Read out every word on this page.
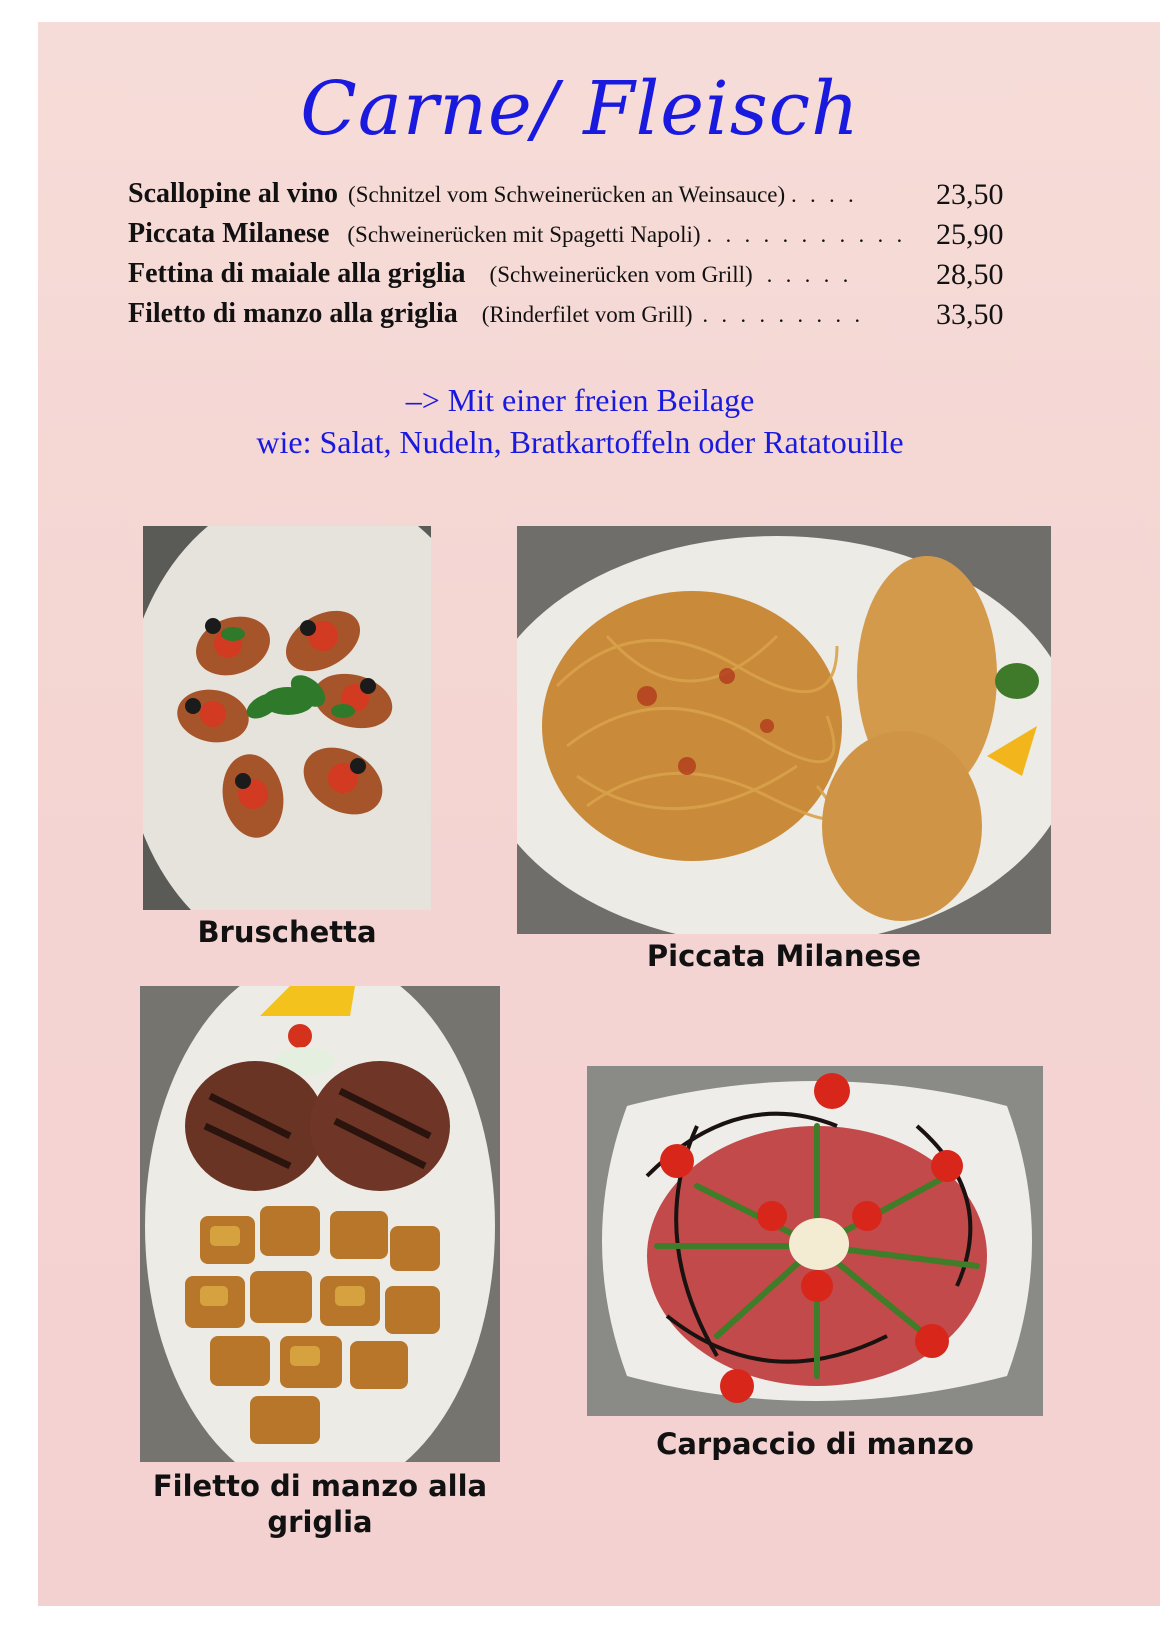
Carne/ Fleisch
Scallopine al vino (Schnitzel vom Schweinerücken an Weinsauce) . . . .	23,50
Piccata Milanese (Schweinerücken mit Spagetti Napoli) . . . . . . . . . . . 25,90
Fettina di maiale alla griglia (Schweinerücken vom Grill) . . . . .	28,50
Filetto di manzo alla griglia (Rinderfilet vom Grill) . . . . . . . . . 33,50
–> Mit einer freien Beilage
wie: Salat, Nudeln, Bratkartoffeln oder Ratatouille
Bruschetta
Piccata Milanese
Filetto di manzo alla griglia
Carpaccio di manzo
